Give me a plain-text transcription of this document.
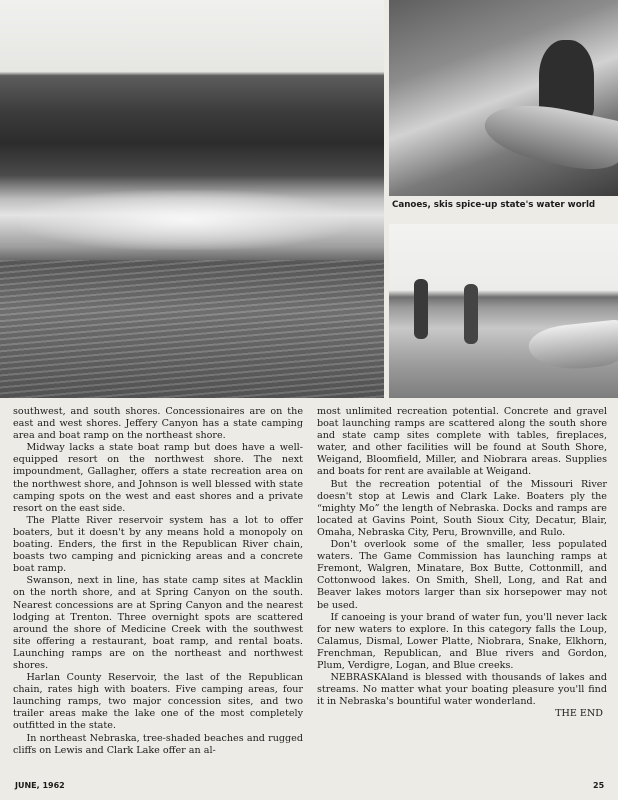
Canoes, skis spice-up state's water world

southwest, and south shores. Concessionaires are on the east and west shores. Jeffery Canyon has a state camping area and boat ramp on the northeast shore.

Midway lacks a state boat ramp but does have a well-equipped resort on the northwest shore. The next impoundment, Gallagher, offers a state recreation area on the northwest shore, and Johnson is well blessed with state camping spots on the west and east shores and a private resort on the east side.

The Platte River reservoir system has a lot to offer boaters, but it doesn't by any means hold a monopoly on boating. Enders, the first in the Republican River chain, boasts two camping and picnicking areas and a concrete boat ramp.

Swanson, next in line, has state camp sites at Macklin on the north shore, and at Spring Canyon on the south. Nearest concessions are at Spring Canyon and the nearest lodging at Trenton. Three overnight spots are scattered around the shore of Medicine Creek with the southwest site offering a restaurant, boat ramp, and rental boats. Launching ramps are on the northeast and northwest shores.

Harlan County Reservoir, the last of the Republican chain, rates high with boaters. Five camping areas, four launching ramps, two major concession sites, and two trailer areas make the lake one of the most completely outfitted in the state.

In northeast Nebraska, tree-shaded beaches and rugged cliffs on Lewis and Clark Lake offer an al-

most unlimited recreation potential. Concrete and gravel boat launching ramps are scattered along the south shore and state camp sites complete with tables, fireplaces, water, and other facilities will be found at South Shore, Weigand, Bloomfield, Miller, and Niobrara areas. Supplies and boats for rent are available at Weigand.

But the recreation potential of the Missouri River doesn't stop at Lewis and Clark Lake. Boaters ply the “mighty Mo” the length of Nebraska. Docks and ramps are located at Gavins Point, South Sioux City, Decatur, Blair, Omaha, Nebraska City, Peru, Brownville, and Rulo.

Don't overlook some of the smaller, less populated waters. The Game Commission has launching ramps at Fremont, Walgren, Minatare, Box Butte, Cottonmill, and Cottonwood lakes. On Smith, Shell, Long, and Rat and Beaver lakes motors larger than six horsepower may not be used.

If canoeing is your brand of water fun, you'll never lack for new waters to explore. In this category falls the Loup, Calamus, Dismal, Lower Platte, Niobrara, Snake, Elkhorn, Frenchman, Republican, and Blue rivers and Gordon, Plum, Verdigre, Logan, and Blue creeks.

NEBRASKAland is blessed with thousands of lakes and streams. No matter what your boating pleasure you'll find it in Nebraska's bountiful water wonderland.

THE END

JUNE, 1962	25
